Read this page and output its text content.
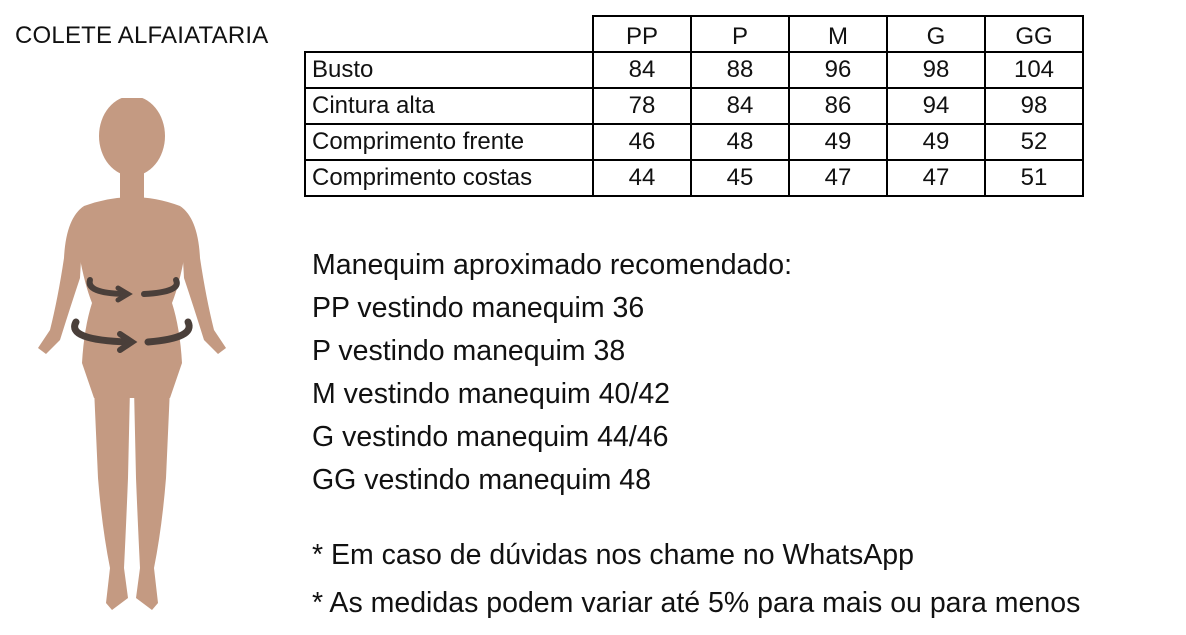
COLETE ALFAIATARIA
		PP	P	M	G	GG
Busto	84	88	96	98	104
Cintura alta	78	84	86	94	98
Comprimento frente	46	48	49	49	52
Comprimento costas	44	45	47	47	51
Manequim aproximado recomendado:
PP vestindo manequim 36
P vestindo manequim 38
M vestindo manequim 40/42
G vestindo manequim 44/46
GG vestindo manequim 48
* Em caso de dúvidas nos chame no WhatsApp
* As medidas podem variar até 5% para mais ou para menos
